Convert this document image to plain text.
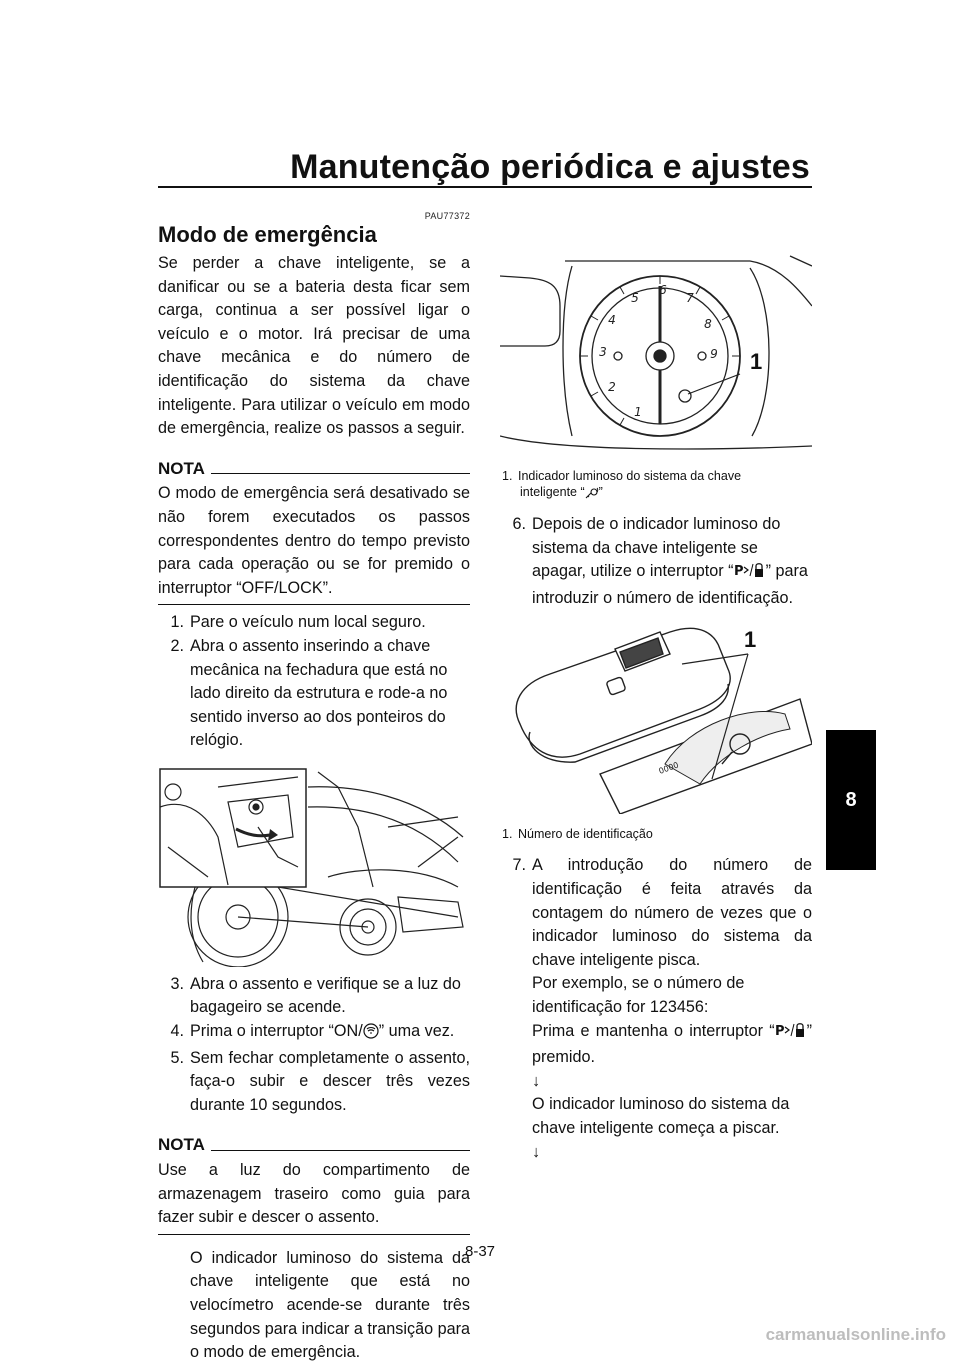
Manutenção periódica e ajustes
8
PAU77372
Modo de emergência

Se perder a chave inteligente, se a danificar ou se a bateria desta ficar sem carga, continua a ser possível ligar o veículo e o motor. Irá precisar de uma chave mecânica e do número de identificação do sistema da chave inteligente. Para utilizar o veículo em modo de emergência, realize os passos a seguir.

NOTA
O modo de emergência será desativado se não forem executados os passos correspondentes dentro do tempo previsto para cada operação ou se for premido o interruptor “OFF/LOCK”.
1. Pare o veículo num local seguro.
2. Abra o assento inserindo a chave mecânica na fechadura que está no lado direito da estrutura e rode-a no sentido inverso ao dos ponteiros do relógio.
3. Abra o assento e verifique se a luz do bagageiro se acende.
4. Prima o interruptor “ON/ ” uma vez.
5. Sem fechar completamente o assento, faça-o subir e descer três vezes durante 10 segundos.
NOTA
Use a luz do compartimento de armazenagem traseiro como guia para fazer subir e descer o assento.

O indicador luminoso do sistema da chave inteligente que está no velocímetro acende-se durante três segundos para indicar a transição para o modo de emergência.

1
2
3
4
5
6
7
8
9 1
1. Indicador luminoso do sistema da chave
inteligente “ ”
6. Depois de o indicador luminoso do sistema da chave inteligente se apagar, utilize o interruptor “ P ” para introduzir o número de identificação.
0000
1
1. Número de identificação
7. A introdução do número de identificação é feita através da contagem do número de vezes que o indicador luminoso do sistema da chave inteligente pisca.

Por exemplo, se o número de identificação for 123456:

Prima e mantenha o interruptor “ P ” premido.

↓

O indicador luminoso do sistema da chave inteligente começa a piscar.

↓

8-37
carmanualsonline.info
